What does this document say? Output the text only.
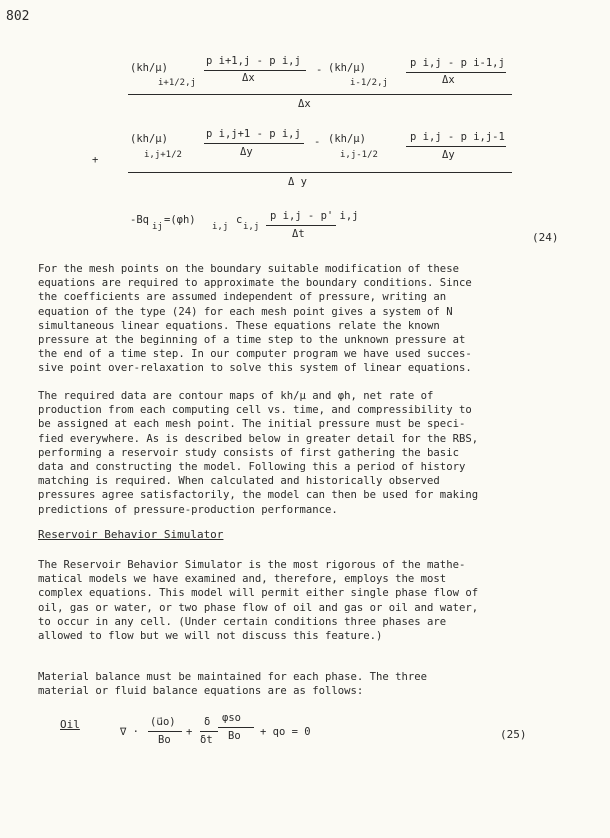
802
(kh/μ)
i+1/2,j
p i+1,j - p i,j
Δx
- (kh/μ)
i-1/2,j
p i,j - p i-1,j
Δx
Δx
+
(kh/μ)
i,j+1/2
p i,j+1 - p i,j
Δy
- (kh/μ)
i,j-1/2
p i,j - p i,j-1
Δy
Δ y
-Bq
ij
=(φh)
i,j
c
i,j
p i,j - p' i,j
Δt	(24)
For the mesh points on the boundary suitable modification of these
equations are required to approximate the boundary conditions. Since
the coefficients are assumed independent of pressure, writing an
equation of the type (24) for each mesh point gives a system of N
simultaneous linear equations. These equations relate the known
pressure at the beginning of a time step to the unknown pressure at
the end of a time step. In our computer program we have used succes-
sive point over-relaxation to solve this system of linear equations.
The required data are contour maps of kh/μ and φh, net rate of
production from each computing cell vs. time, and compressibility to
be assigned at each mesh point. The initial pressure must be speci-
fied everywhere. As is described below in greater detail for the RBS,
performing a reservoir study consists of first gathering the basic
data and constructing the model. Following this a period of history
matching is required. When calculated and historically observed
pressures agree satisfactorily, the model can then be used for making
predictions of pressure-production performance.
Reservoir Behavior Simulator
The Reservoir Behavior Simulator is the most rigorous of the mathe-
matical models we have examined and, therefore, employs the most
complex equations. This model will permit either single phase flow of
oil, gas or water, or two phase flow of oil and gas or oil and water,
to occur in any cell. (Under certain conditions three phases are
allowed to flow but we will not discuss this feature.)
Material balance must be maintained for each phase. The three
material or fluid balance equations are as follows:
Oil
∇ ·
(u⃗o)
Bo
+
δ
δt
φso
Bo + qo = 0	(25)
